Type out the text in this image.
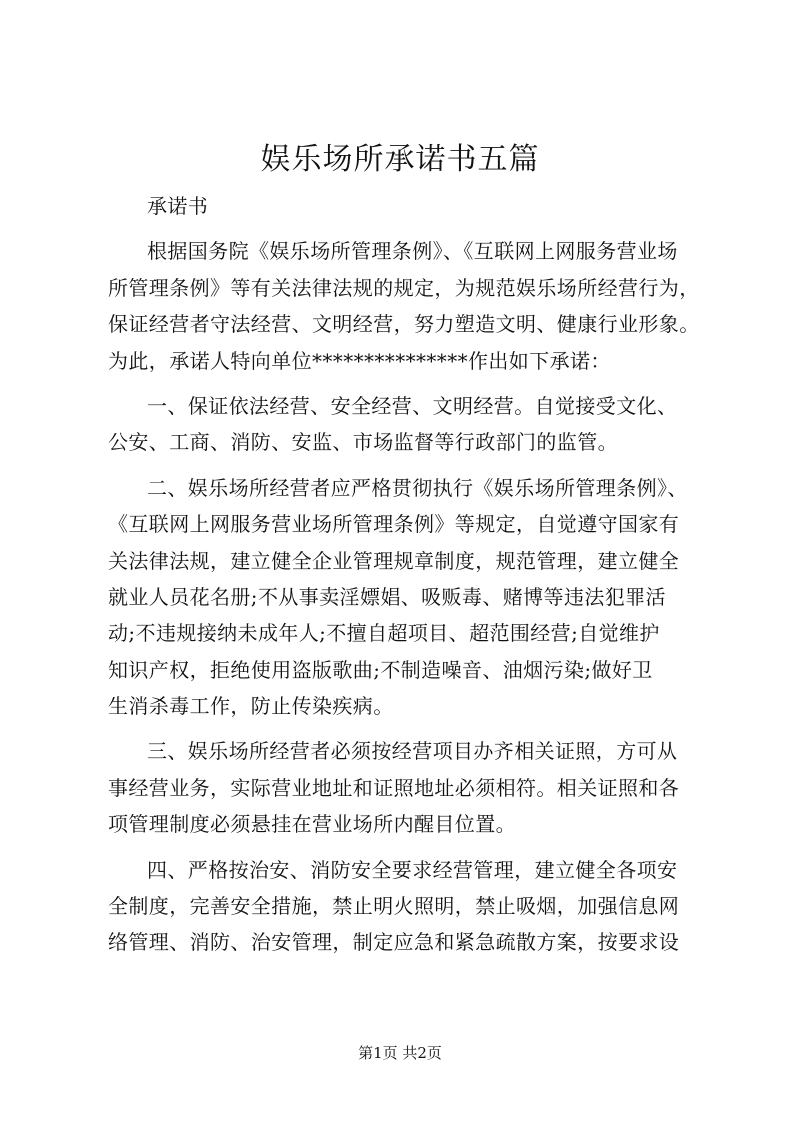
娱乐场所承诺书五篇
承诺书
根据国务院《娱乐场所管理条例》、《互联网上网服务营业场
所管理条例》等有关法律法规的规定，为规范娱乐场所经营行为，
保证经营者守法经营、文明经营，努力塑造文明、健康行业形象。
为此，承诺人特向单位***************作出如下承诺：
一、保证依法经营、安全经营、文明经营。自觉接受文化、
公安、工商、消防、安监、市场监督等行政部门的监管。
二、娱乐场所经营者应严格贯彻执行《娱乐场所管理条例》、
《互联网上网服务营业场所管理条例》等规定，自觉遵守国家有
关法律法规，建立健全企业管理规章制度，规范管理，建立健全
就业人员花名册;不从事卖淫嫖娼、吸贩毒、赌博等违法犯罪活
动;不违规接纳未成年人;不擅自超项目、超范围经营;自觉维护
知识产权，拒绝使用盗版歌曲;不制造噪音、油烟污染;做好卫
生消杀毒工作，防止传染疾病。
三、娱乐场所经营者必须按经营项目办齐相关证照，方可从
事经营业务，实际营业地址和证照地址必须相符。相关证照和各
项管理制度必须悬挂在营业场所内醒目位置。
四、严格按治安、消防安全要求经营管理，建立健全各项安
全制度，完善安全措施，禁止明火照明，禁止吸烟，加强信息网
络管理、消防、治安管理，制定应急和紧急疏散方案，按要求设
第1页 共2页
